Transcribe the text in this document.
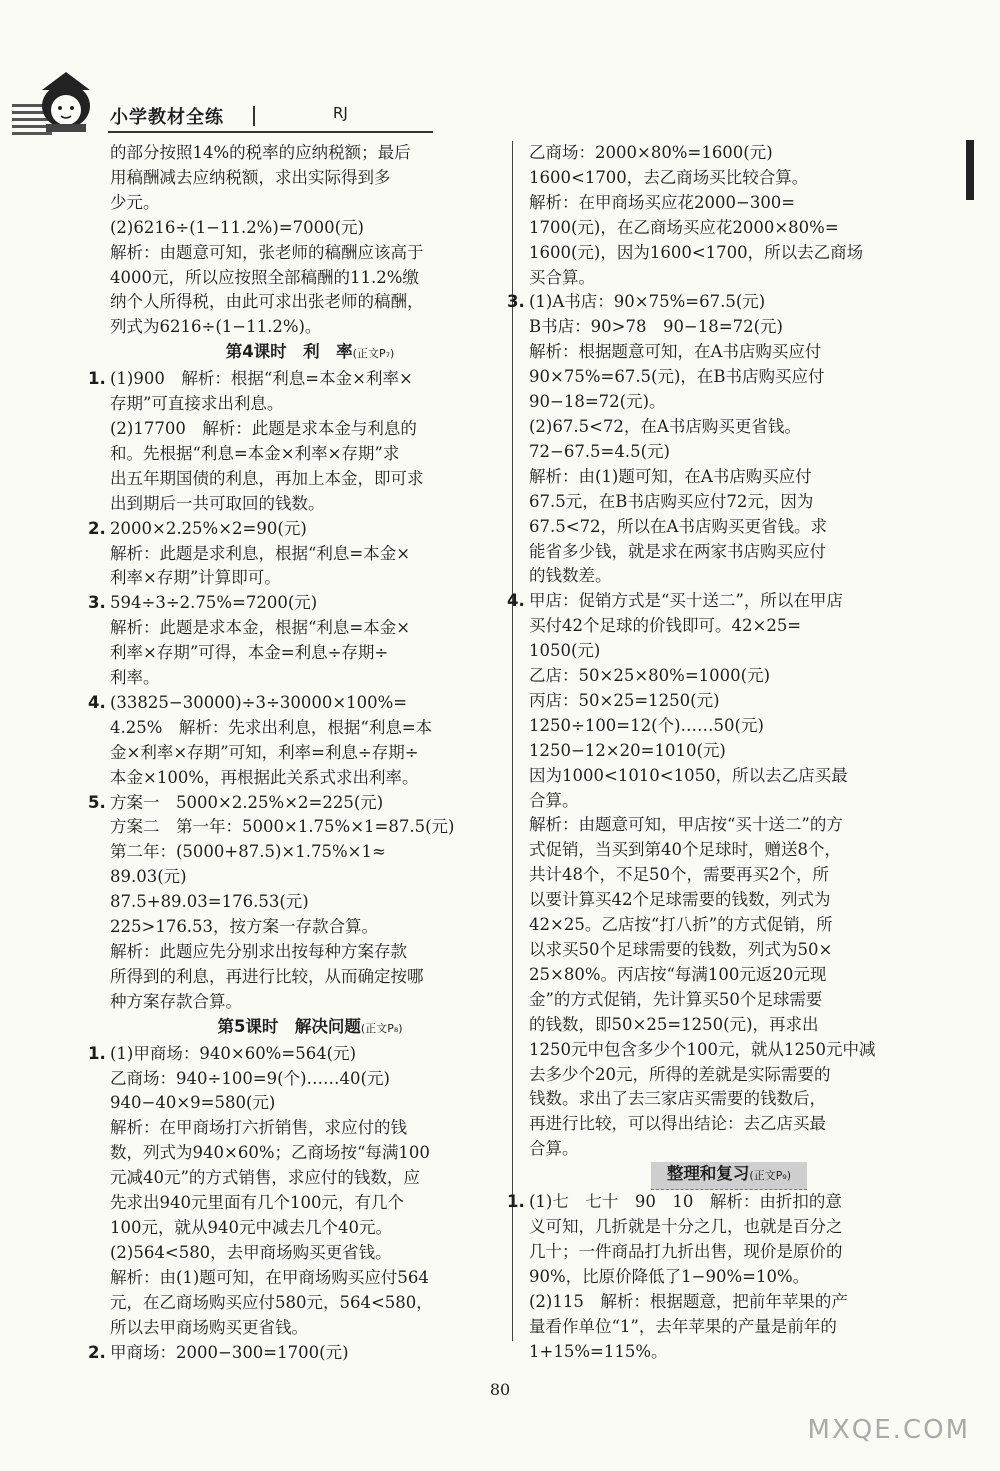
小学教材全练	RJ

的部分按照14%的税率的应纳税额；最后

用稿酬减去应纳税额，求出实际得到多

少元。

(2)6216÷(1−11.2%)=7000(元)

解析：由题意可知，张老师的稿酬应该高于

4000元，所以应按照全部稿酬的11.2%缴

纳个人所得税，由此可求出张老师的稿酬，

列式为6216÷(1−11.2%)。

第4课时　利　率(正文P₇)

1. (1)900　解析：根据“利息=本金×利率×

存期”可直接求出利息。

(2)17700　解析：此题是求本金与利息的

和。先根据“利息=本金×利率×存期”求

出五年期国债的利息，再加上本金，即可求

出到期后一共可取回的钱数。

2. 2000×2.25%×2=90(元)

解析：此题是求利息，根据“利息=本金×

利率×存期”计算即可。

3. 594÷3÷2.75%=7200(元)

解析：此题是求本金，根据“利息=本金×

利率×存期”可得，本金=利息÷存期÷

利率。

4. (33825−30000)÷3÷30000×100%=

4.25%　解析：先求出利息，根据“利息=本

金×利率×存期”可知，利率=利息÷存期÷

本金×100%，再根据此关系式求出利率。

5. 方案一　5000×2.25%×2=225(元)

方案二　第一年：5000×1.75%×1=87.5(元)

第二年：(5000+87.5)×1.75%×1≈

89.03(元)

87.5+89.03=176.53(元)

225>176.53，按方案一存款合算。

解析：此题应先分别求出按每种方案存款

所得到的利息，再进行比较，从而确定按哪

种方案存款合算。

第5课时　解决问题(正文P₈)

1. (1)甲商场：940×60%=564(元)

乙商场：940÷100=9(个)……40(元)

940−40×9=580(元)

解析：在甲商场打六折销售，求应付的钱

数，列式为940×60%；乙商场按“每满100

元减40元”的方式销售，求应付的钱数，应

先求出940元里面有几个100元，有几个

100元，就从940元中减去几个40元。

(2)564<580，去甲商场购买更省钱。

解析：由(1)题可知，在甲商场购买应付564

元，在乙商场购买应付580元，564<580，

所以去甲商场购买更省钱。

2. 甲商场：2000−300=1700(元)

乙商场：2000×80%=1600(元)

1600<1700，去乙商场买比较合算。

解析：在甲商场买应花2000−300=

1700(元)，在乙商场买应花2000×80%=

1600(元)，因为1600<1700，所以去乙商场

买合算。

3. (1)A书店：90×75%=67.5(元)

B书店：90>78　90−18=72(元)

解析：根据题意可知，在A书店购买应付

90×75%=67.5(元)，在B书店购买应付

90−18=72(元)。

(2)67.5<72，在A书店购买更省钱。

72−67.5=4.5(元)

解析：由(1)题可知，在A书店购买应付

67.5元，在B书店购买应付72元，因为

67.5<72，所以在A书店购买更省钱。求

能省多少钱，就是求在两家书店购买应付

的钱数差。

4. 甲店：促销方式是“买十送二”，所以在甲店

买付42个足球的价钱即可。42×25=

1050(元)

乙店：50×25×80%=1000(元)

丙店：50×25=1250(元)

1250÷100=12(个)……50(元)

1250−12×20=1010(元)

因为1000<1010<1050，所以去乙店买最

合算。

解析：由题意可知，甲店按“买十送二”的方

式促销，当买到第40个足球时，赠送8个，

共计48个，不足50个，需要再买2个，所

以要计算买42个足球需要的钱数，列式为

42×25。乙店按“打八折”的方式促销，所

以求买50个足球需要的钱数，列式为50×

25×80%。丙店按“每满100元返20元现

金”的方式促销，先计算买50个足球需要

的钱数，即50×25=1250(元)，再求出

1250元中包含多少个100元，就从1250元中减

去多少个20元，所得的差就是实际需要的

钱数。求出了去三家店买需要的钱数后，

再进行比较，可以得出结论：去乙店买最

合算。

整理和复习(正文P₉)

1. (1)七　七十　90　10　解析：由折扣的意

义可知，几折就是十分之几，也就是百分之

几十；一件商品打九折出售，现价是原价的

90%，比原价降低了1−90%=10%。

(2)115　解析：根据题意，把前年苹果的产

量看作单位“1”，去年苹果的产量是前年的

1+15%=115%。

80
MXQE.COM
